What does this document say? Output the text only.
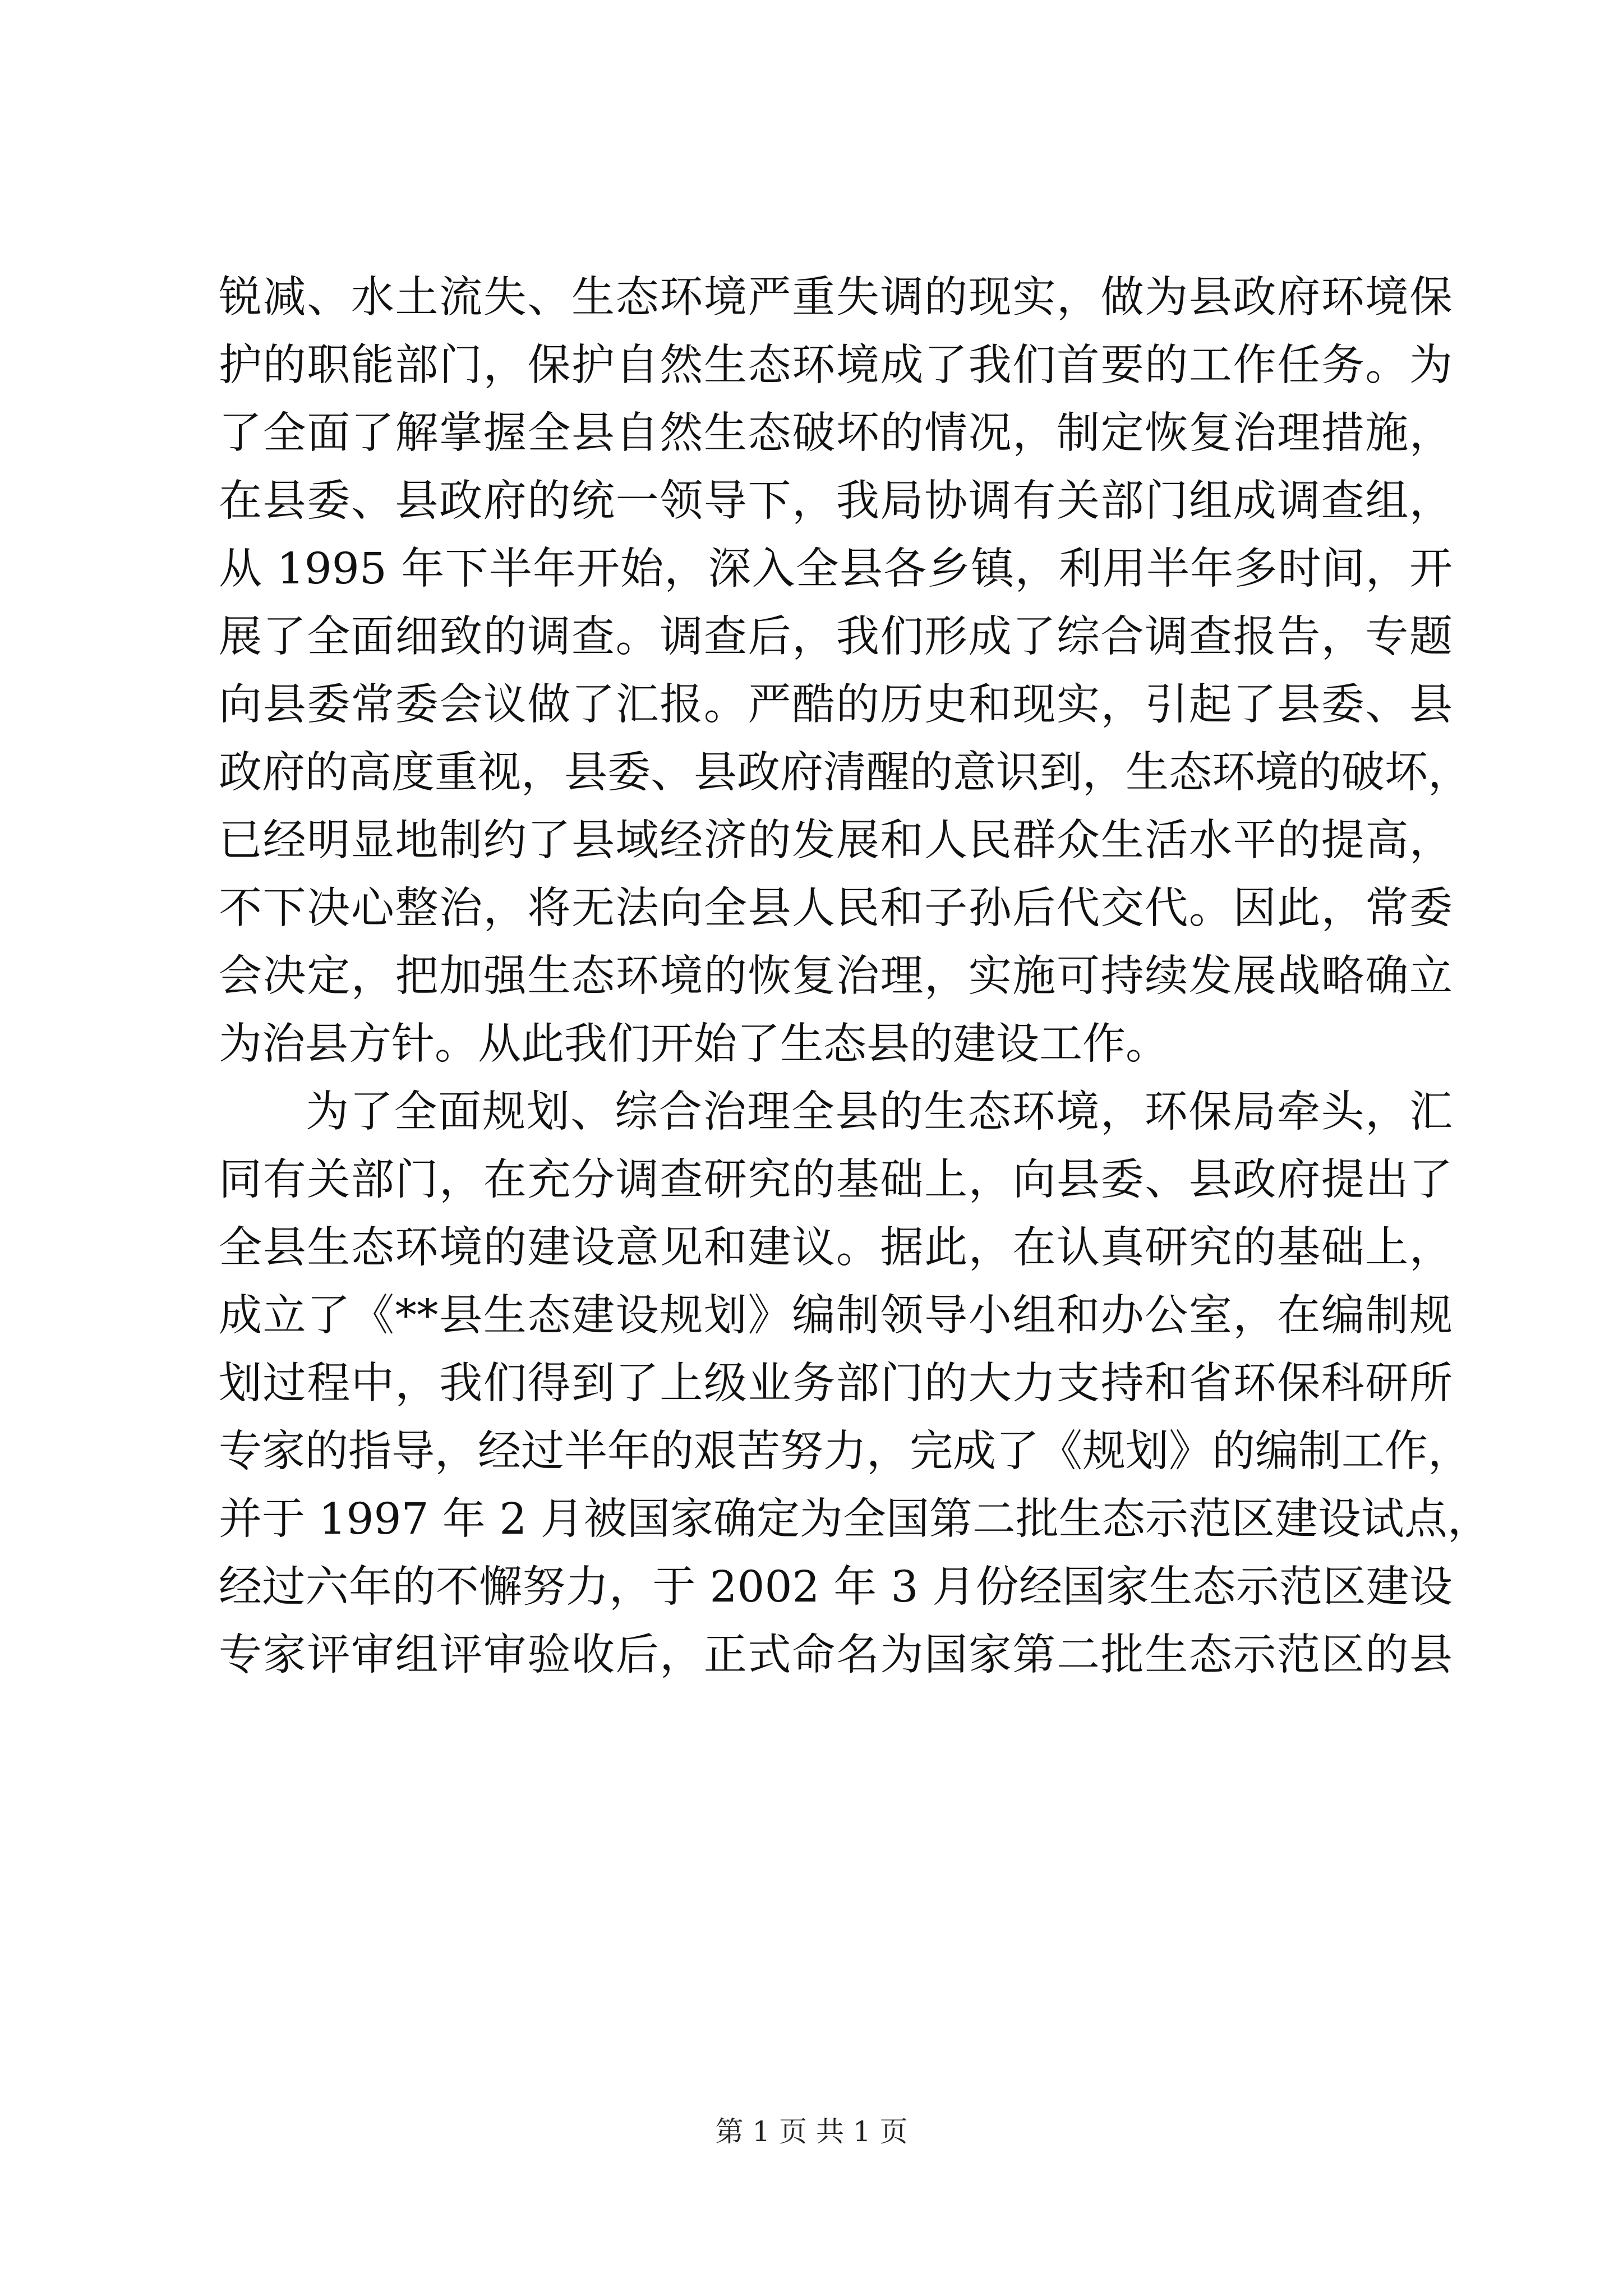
锐减、水土流失、生态环境严重失调的现实，做为县政府环境保
护的职能部门，保护自然生态环境成了我们首要的工作任务。为
了全面了解掌握全县自然生态破坏的情况，制定恢复治理措施，
在县委、县政府的统一领导下，我局协调有关部门组成调查组，
从 1995 年下半年开始，深入全县各乡镇，利用半年多时间，开
展了全面细致的调查。调查后，我们形成了综合调查报告，专题
向县委常委会议做了汇报。严酷的历史和现实，引起了县委、县
政府的高度重视，县委、县政府清醒的意识到，生态环境的破坏，
已经明显地制约了县域经济的发展和人民群众生活水平的提高，
不下决心整治，将无法向全县人民和子孙后代交代。因此，常委
会决定，把加强生态环境的恢复治理，实施可持续发展战略确立
为治县方针。从此我们开始了生态县的建设工作。
为了全面规划、综合治理全县的生态环境，环保局牵头，汇
同有关部门，在充分调查研究的基础上，向县委、县政府提出了
全县生态环境的建设意见和建议。据此，在认真研究的基础上，
成立了《**县生态建设规划》编制领导小组和办公室，在编制规
划过程中，我们得到了上级业务部门的大力支持和省环保科研所
专家的指导，经过半年的艰苦努力，完成了《规划》的编制工作，
并于 1997 年 2 月被国家确定为全国第二批生态示范区建设试点，
经过六年的不懈努力，于 2002 年 3 月份经国家生态示范区建设
专家评审组评审验收后，正式命名为国家第二批生态示范区的县
第 1 页 共 1 页
